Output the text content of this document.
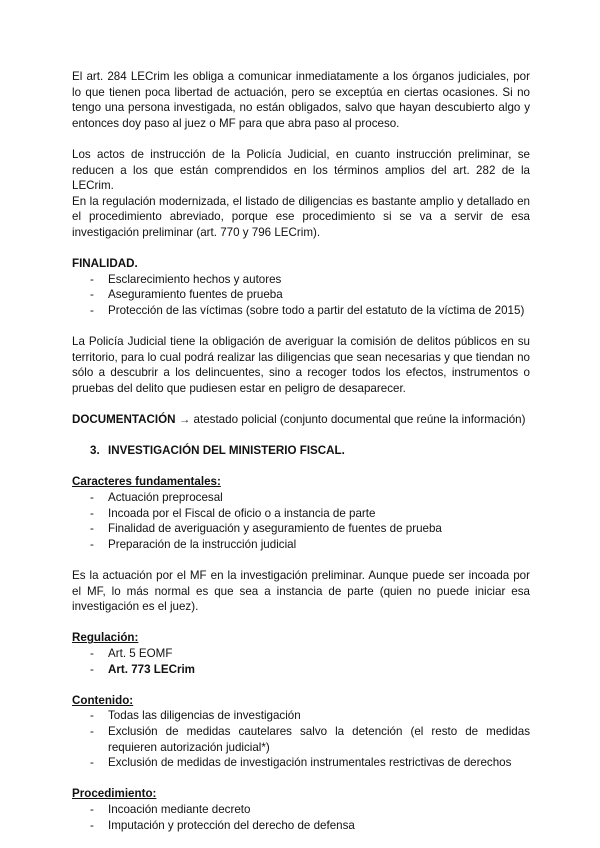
El art. 284 LECrim les obliga a comunicar inmediatamente a los órganos judiciales, por lo que tienen poca libertad de actuación, pero se exceptúa en ciertas ocasiones. Si no tengo una persona investigada, no están obligados, salvo que hayan descubierto algo y entonces doy paso al juez o MF para que abra paso al proceso.

Los actos de instrucción de la Policía Judicial, en cuanto instrucción preliminar, se reducen a los que están comprendidos en los términos amplios del art. 282 de la LECrim.

En la regulación modernizada, el listado de diligencias es bastante amplio y detallado en el procedimiento abreviado, porque ese procedimiento si se va a servir de esa investigación preliminar (art. 770 y 796 LECrim).

FINALIDAD.

- Esclarecimiento hechos y autores
- Aseguramiento fuentes de prueba
- Protección de las víctimas (sobre todo a partir del estatuto de la víctima de 2015)

La Policía Judicial tiene la obligación de averiguar la comisión de delitos públicos en su territorio, para lo cual podrá realizar las diligencias que sean necesarias y que tiendan no sólo a descubrir a los delincuentes, sino a recoger todos los efectos, instrumentos o pruebas del delito que pudiesen estar en peligro de desaparecer.

DOCUMENTACIÓN → atestado policial (conjunto documental que reúne la información)

3. INVESTIGACIÓN DEL MINISTERIO FISCAL.

Caracteres fundamentales:

- Actuación preprocesal
- Incoada por el Fiscal de oficio o a instancia de parte
- Finalidad de averiguación y aseguramiento de fuentes de prueba
- Preparación de la instrucción judicial

Es la actuación por el MF en la investigación preliminar. Aunque puede ser incoada por el MF, lo más normal es que sea a instancia de parte (quien no puede iniciar esa investigación es el juez).

Regulación:

- Art. 5 EOMF
- Art. 773 LECrim

Contenido:

- Todas las diligencias de investigación
- Exclusión de medidas cautelares salvo la detención (el resto de medidas requieren autorización judicial*)
- Exclusión de medidas de investigación instrumentales restrictivas de derechos

Procedimiento:

- Incoación mediante decreto
- Imputación y protección del derecho de defensa
